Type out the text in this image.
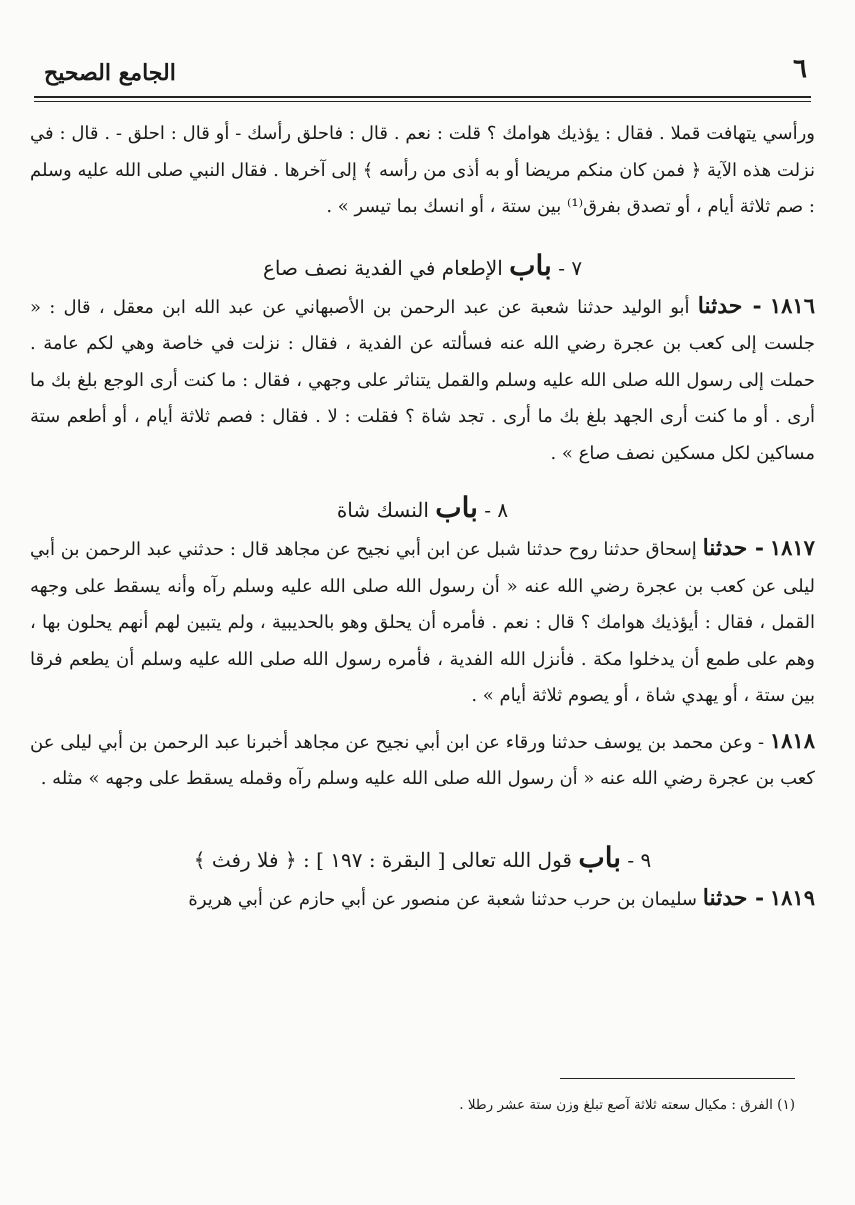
٦
الجامع الصحيح

ورأسي يتهافت قملا . فقال : يؤذيك هوامك ؟ قلت : نعم . قال : فاحلق رأسك - أو قال : احلق - . قال : في نزلت هذه الآية ﴿ فمن كان منكم مريضا أو به أذى من رأسه ﴾ إلى آخرها . فقال النبي صلى الله عليه وسلم : صم ثلاثة أيام ، أو تصدق بفرق⁽¹⁾ بين ستة ، أو انسك بما تيسر » .

٧ - باب الإطعام في الفدية نصف صاع

١٨١٦ - حدثنا أبو الوليد حدثنا شعبة عن عبد الرحمن بن الأصبهاني عن عبد الله ابن معقل ، قال : « جلست إلى كعب بن عجرة رضي الله عنه فسألته عن الفدية ، فقال : نزلت في خاصة وهي لكم عامة . حملت إلى رسول الله صلى الله عليه وسلم والقمل يتناثر على وجهي ، فقال : ما كنت أرى الوجع بلغ بك ما أرى . أو ما كنت أرى الجهد بلغ بك ما أرى . تجد شاة ؟ فقلت : لا . فقال : فصم ثلاثة أيام ، أو أطعم ستة مساكين لكل مسكين نصف صاع » .

٨ - باب النسك شاة

١٨١٧ - حدثنا إسحاق حدثنا روح حدثنا شبل عن ابن أبي نجيح عن مجاهد قال : حدثني عبد الرحمن بن أبي ليلى عن كعب بن عجرة رضي الله عنه « أن رسول الله صلى الله عليه وسلم رآه وأنه يسقط على وجهه القمل ، فقال : أيؤذيك هوامك ؟ قال : نعم . فأمره أن يحلق وهو بالحديبية ، ولم يتبين لهم أنهم يحلون بها ، وهم على طمع أن يدخلوا مكة . فأنزل الله الفدية ، فأمره رسول الله صلى الله عليه وسلم أن يطعم فرقا بين ستة ، أو يهدي شاة ، أو يصوم ثلاثة أيام » .

١٨١٨ - وعن محمد بن يوسف حدثنا ورقاء عن ابن أبي نجيح عن مجاهد أخبرنا عبد الرحمن بن أبي ليلى عن كعب بن عجرة رضي الله عنه « أن رسول الله صلى الله عليه وسلم رآه وقمله يسقط على وجهه » مثله .

٩ - باب قول الله تعالى [ البقرة : ١٩٧ ] : ﴿ فلا رفث ﴾

١٨١٩ - حدثنا سليمان بن حرب حدثنا شعبة عن منصور عن أبي حازم عن أبي هريرة

(١) الفرق : مكيال سعته ثلاثة آصع تبلغ وزن ستة عشر رطلا .
